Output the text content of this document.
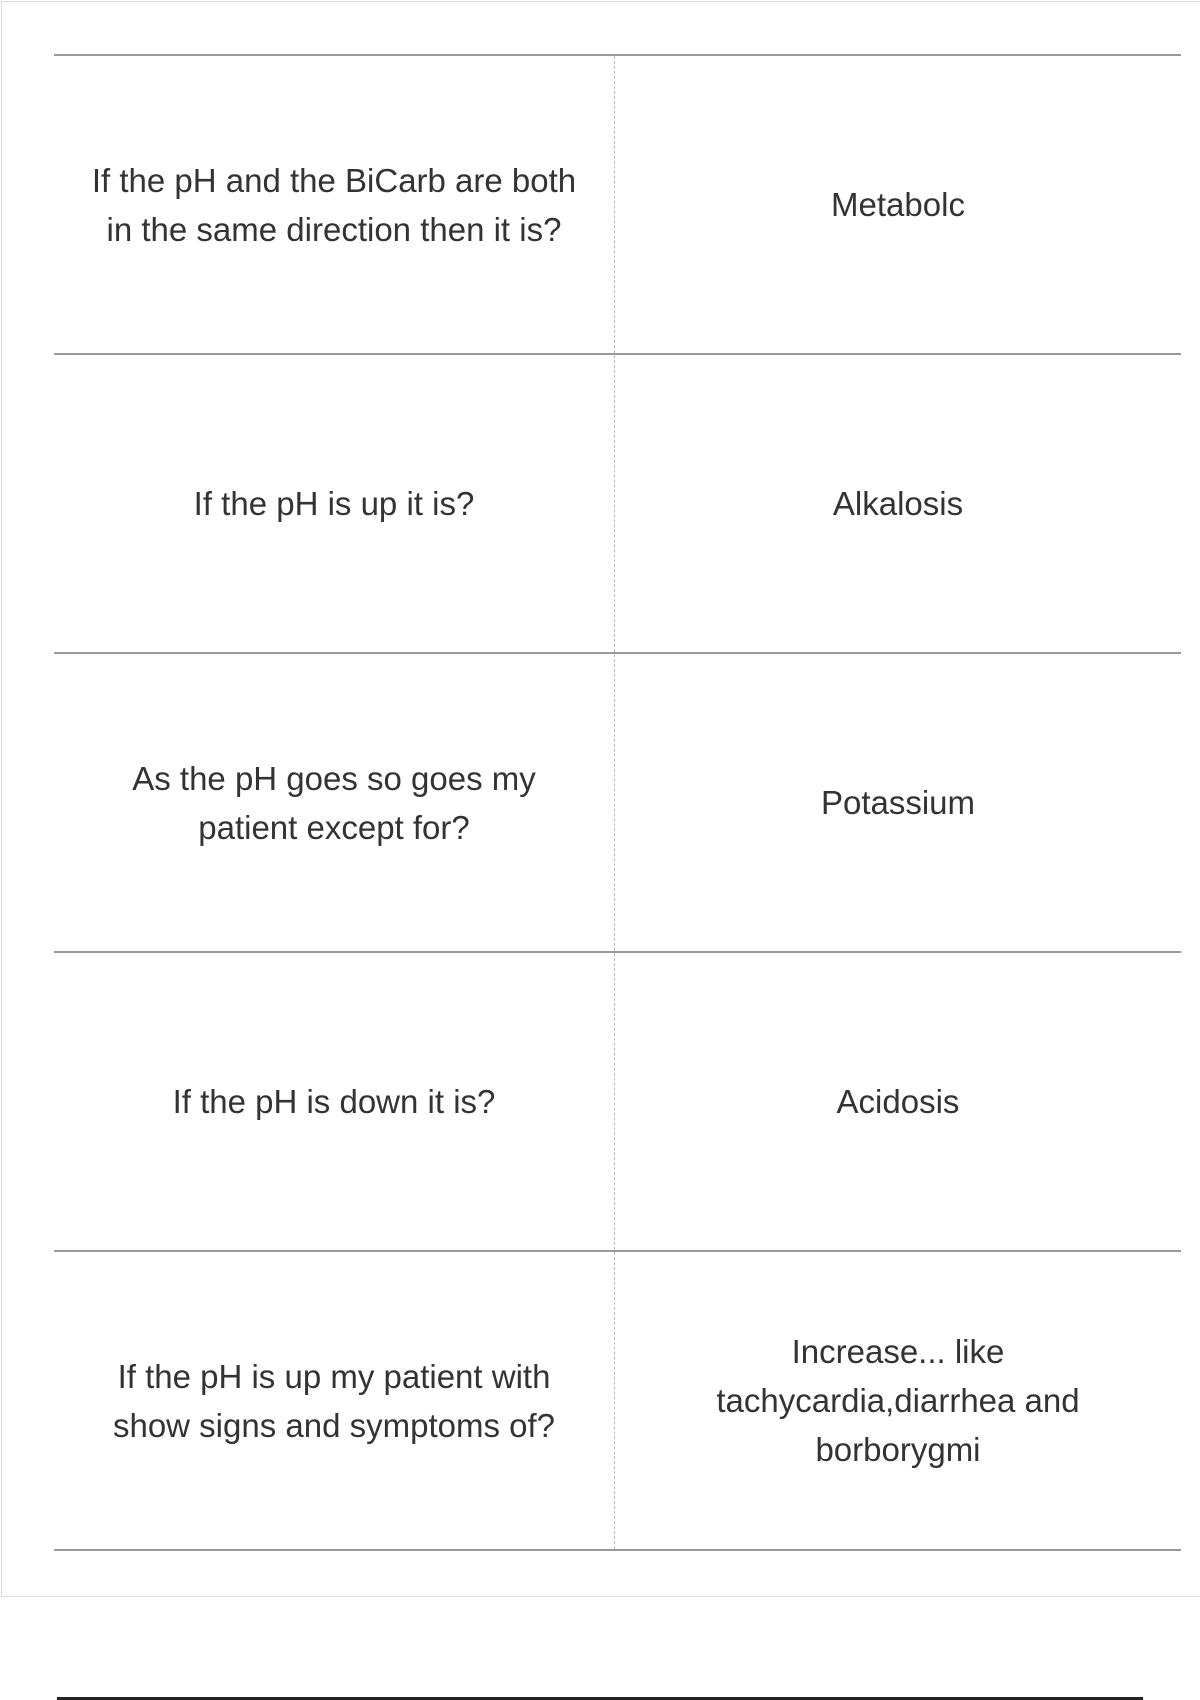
If the pH and the BiCarb are both in the same direction then it is?
Metabolc
If the pH is up it is?	Alkalosis
As the pH goes so goes my patient except for?
Potassium
If the pH is down it is?	Acidosis
If the pH is up my patient with show signs and symptoms of?
Increase... like tachycardia,diarrhea and borborygmi
